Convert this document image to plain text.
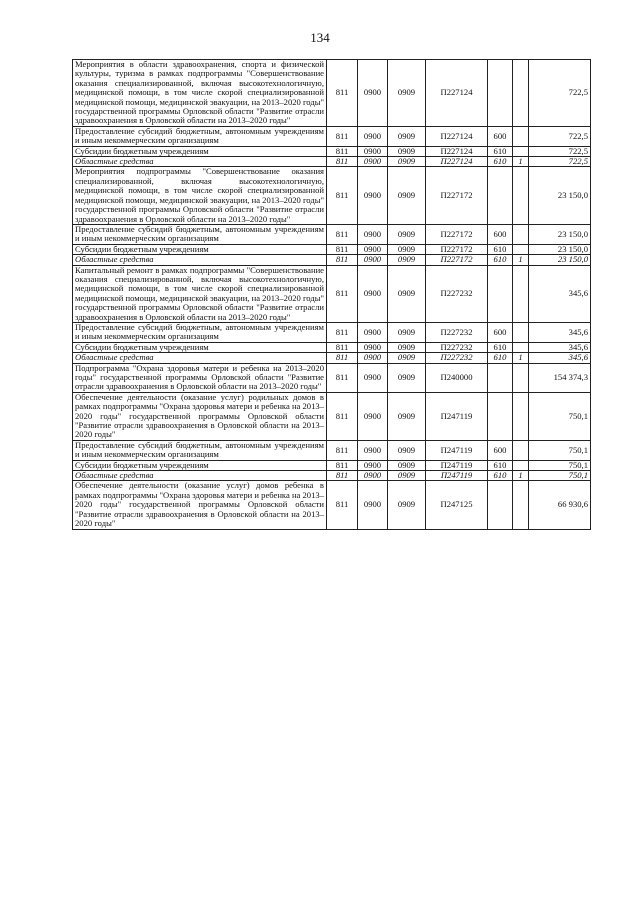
134
Мероприятия в области здравоохранения, спорта и физической культуры, туризма в рамках подпрограммы "Совершенствование оказания специализированной, включая высокотехнологичную, медицинской помощи, в том числе скорой специализированной медицинской помощи, медицинской эвакуации, на 2013–2020 годы" государственной программы Орловской области "Развитие отрасли здравоохранения в Орловской области на 2013–2020 годы"	811	0900	0909	П227124			722,5
Предоставление субсидий бюджетным, автономным учреждениям и иным некоммерческим организациям	811	0900	0909	П227124	600		722,5
Субсидии бюджетным учреждениям	811	0900	0909	П227124	610		722,5
Областные средства	811	0900	0909	П227124	610	1	722,5
Мероприятия подпрограммы "Совершенствование оказания специализированной, включая высокотехнологичную, медицинской помощи, в том числе скорой специализированной медицинской помощи, медицинской эвакуации, на 2013–2020 годы" государственной программы Орловской области "Развитие отрасли здравоохранения в Орловской области на 2013–2020 годы"	811	0900	0909	П227172			23 150,0
Предоставление субсидий бюджетным, автономным учреждениям и иным некоммерческим организациям	811	0900	0909	П227172	600		23 150,0
Субсидии бюджетным учреждениям	811	0900	0909	П227172	610		23 150,0
Областные средства	811	0900	0909	П227172	610	1	23 150,0
Капитальный ремонт в рамках подпрограммы "Совершенствование оказания специализированной, включая высокотехнологичную, медицинской помощи, в том числе скорой специализированной медицинской помощи, медицинской эвакуации, на 2013–2020 годы" государственной программы Орловской области "Развитие отрасли здравоохранения в Орловской области на 2013–2020 годы"	811	0900	0909	П227232			345,6
Предоставление субсидий бюджетным, автономным учреждениям и иным некоммерческим организациям	811	0900	0909	П227232	600		345,6
Субсидии бюджетным учреждениям	811	0900	0909	П227232	610		345,6
Областные средства	811	0900	0909	П227232	610	1	345,6
Подпрограмма "Охрана здоровья матери и ребенка на 2013–2020 годы" государственной программы Орловской области "Развитие отрасли здравоохранения в Орловской области на 2013–2020 годы"	811	0900	0909	П240000			154 374,3
Обеспечение деятельности (оказание услуг) родильных домов в рамках подпрограммы "Охрана здоровья матери и ребенка на 2013–2020 годы" государственной программы Орловской области "Развитие отрасли здравоохранения в Орловской области на 2013–2020 годы"	811	0900	0909	П247119			750,1
Предоставление субсидий бюджетным, автономным учреждениям и иным некоммерческим организациям	811	0900	0909	П247119	600		750,1
Субсидии бюджетным учреждениям	811	0900	0909	П247119	610		750,1
Областные средства	811	0900	0909	П247119	610	1	750,1
Обеспечение деятельности (оказание услуг) домов ребенка в рамках подпрограммы "Охрана здоровья матери и ребенка на 2013–2020 годы" государственной программы Орловской области "Развитие отрасли здравоохранения в Орловской области на 2013–2020 годы"	811	0900	0909	П247125			66 930,6
